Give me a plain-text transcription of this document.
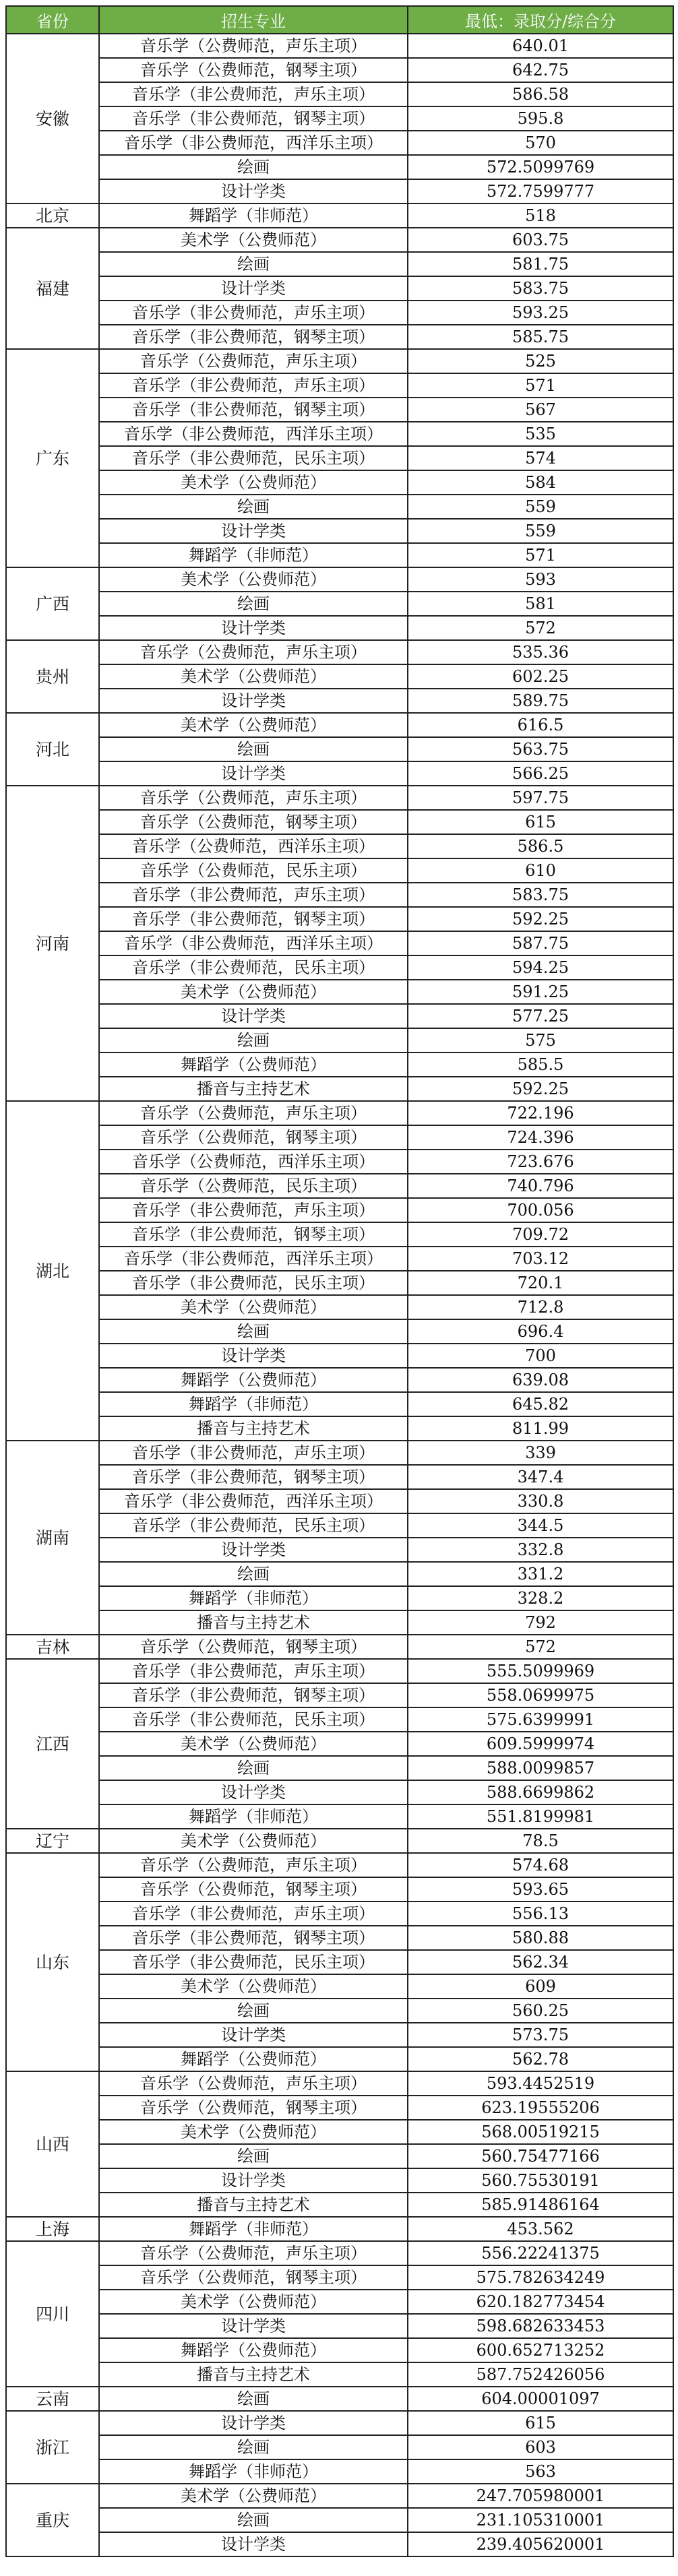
省份	招生专业	最低：录取分/综合分
安徽	音乐学（公费师范，声乐主项）	640.01
	音乐学（公费师范，钢琴主项）	642.75
	音乐学（非公费师范，声乐主项）	586.58
	音乐学（非公费师范，钢琴主项）	595.8
	音乐学（非公费师范，西洋乐主项）	570
	绘画	572.5099769
	设计学类	572.7599777
北京	舞蹈学（非师范）	518
福建	美术学（公费师范）	603.75
	绘画	581.75
	设计学类	583.75
	音乐学（非公费师范，声乐主项）	593.25
	音乐学（非公费师范，钢琴主项）	585.75
广东	音乐学（公费师范，声乐主项）	525
	音乐学（非公费师范，声乐主项）	571
	音乐学（非公费师范，钢琴主项）	567
	音乐学（非公费师范，西洋乐主项）	535
	音乐学（非公费师范，民乐主项）	574
	美术学（公费师范）	584
	绘画	559
	设计学类	559
	舞蹈学（非师范）	571
广西	美术学（公费师范）	593
	绘画	581
	设计学类	572
贵州	音乐学（公费师范，声乐主项）	535.36
	美术学（公费师范）	602.25
	设计学类	589.75
河北	美术学（公费师范）	616.5
	绘画	563.75
	设计学类	566.25
河南	音乐学（公费师范，声乐主项）	597.75
	音乐学（公费师范，钢琴主项）	615
	音乐学（公费师范，西洋乐主项）	586.5
	音乐学（公费师范，民乐主项）	610
	音乐学（非公费师范，声乐主项）	583.75
	音乐学（非公费师范，钢琴主项）	592.25
	音乐学（非公费师范，西洋乐主项）	587.75
	音乐学（非公费师范，民乐主项）	594.25
	美术学（公费师范）	591.25
	设计学类	577.25
	绘画	575
	舞蹈学（公费师范）	585.5
	播音与主持艺术	592.25
湖北	音乐学（公费师范，声乐主项）	722.196
	音乐学（公费师范，钢琴主项）	724.396
	音乐学（公费师范，西洋乐主项）	723.676
	音乐学（公费师范，民乐主项）	740.796
	音乐学（非公费师范，声乐主项）	700.056
	音乐学（非公费师范，钢琴主项）	709.72
	音乐学（非公费师范，西洋乐主项）	703.12
	音乐学（非公费师范，民乐主项）	720.1
	美术学（公费师范）	712.8
	绘画	696.4
	设计学类	700
	舞蹈学（公费师范）	639.08
	舞蹈学（非师范）	645.82
	播音与主持艺术	811.99
湖南	音乐学（非公费师范，声乐主项）	339
	音乐学（非公费师范，钢琴主项）	347.4
	音乐学（非公费师范，西洋乐主项）	330.8
	音乐学（非公费师范，民乐主项）	344.5
	设计学类	332.8
	绘画	331.2
	舞蹈学（非师范）	328.2
	播音与主持艺术	792
吉林	音乐学（公费师范，钢琴主项）	572
江西	音乐学（非公费师范，声乐主项）	555.5099969
	音乐学（非公费师范，钢琴主项）	558.0699975
	音乐学（非公费师范，民乐主项）	575.6399991
	美术学（公费师范）	609.5999974
	绘画	588.0099857
	设计学类	588.6699862
	舞蹈学（非师范）	551.8199981
辽宁	美术学（公费师范）	78.5
山东	音乐学（公费师范，声乐主项）	574.68
	音乐学（公费师范，钢琴主项）	593.65
	音乐学（非公费师范，声乐主项）	556.13
	音乐学（非公费师范，钢琴主项）	580.88
	音乐学（非公费师范，民乐主项）	562.34
	美术学（公费师范）	609
	绘画	560.25
	设计学类	573.75
	舞蹈学（公费师范）	562.78
山西	音乐学（公费师范，声乐主项）	593.4452519
	音乐学（公费师范，钢琴主项）	623.19555206
	美术学（公费师范）	568.00519215
	绘画	560.75477166
	设计学类	560.75530191
	播音与主持艺术	585.91486164
上海	舞蹈学（非师范）	453.562
四川	音乐学（公费师范，声乐主项）	556.22241375
	音乐学（公费师范，钢琴主项）	575.782634249
	美术学（公费师范）	620.182773454
	设计学类	598.682633453
	舞蹈学（公费师范）	600.652713252
	播音与主持艺术	587.752426056
云南	绘画	604.00001097
浙江	设计学类	615
	绘画	603
	舞蹈学（非师范）	563
重庆	美术学（公费师范）	247.705980001
	绘画	231.105310001
	设计学类	239.405620001
